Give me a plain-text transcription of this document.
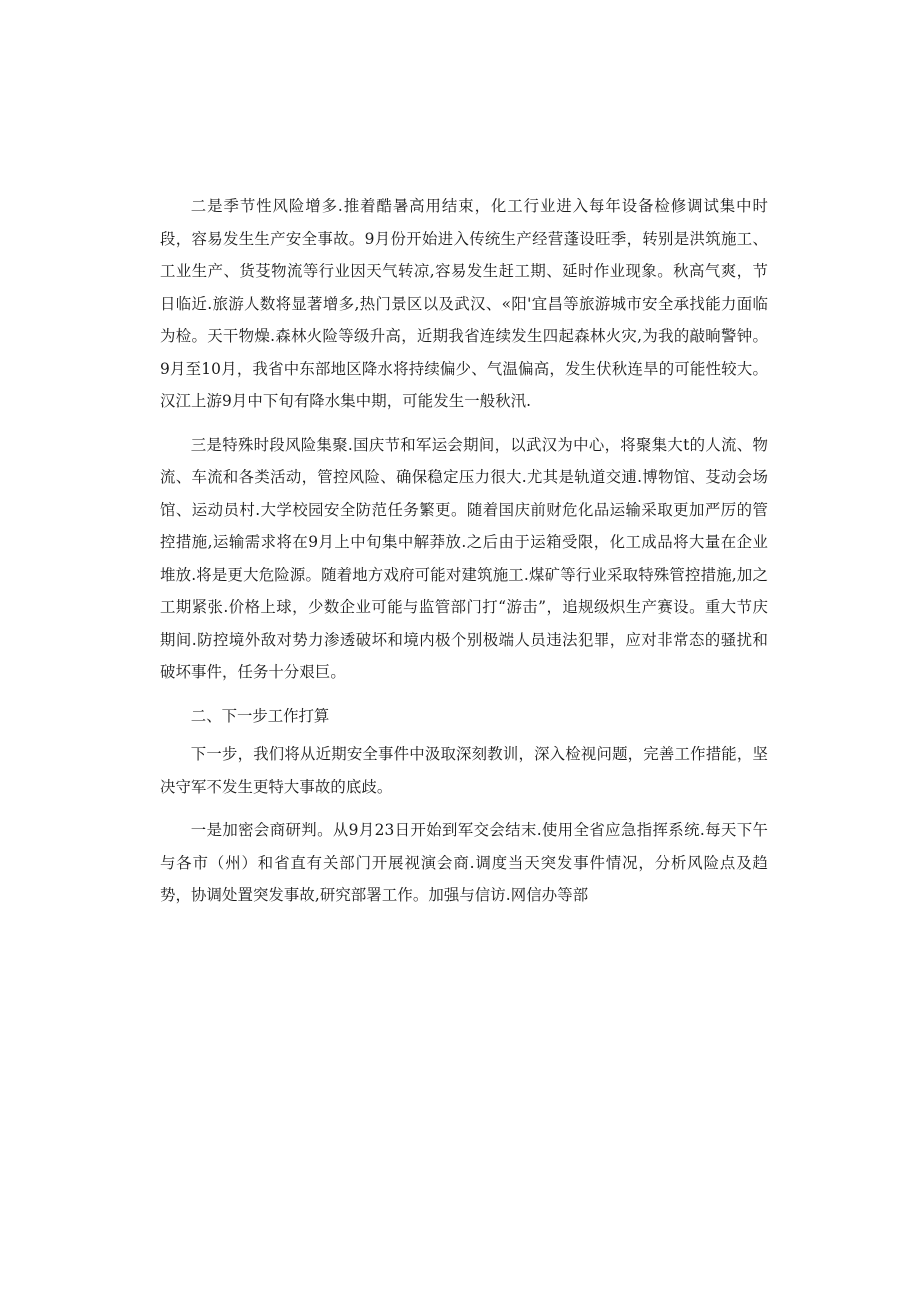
二是季节性风险增多.推着酷暑高用结束，化工行业进入每年设备检修调试集中时段，容易发生生产安全事故。9月份开始进入传统生产经营蓬设旺季，转别是洪筑施工、工业生产、货芟物流等行业因天气转凉,容易发生赶工期、延时作业现象。秋高气爽，节日临近.旅游人数将显著增多,热门景区以及武汉、«阳'宜昌等旅游城市安全承找能力面临为检。天干物燥.森林火险等级升高，近期我省连续发生四起森林火灾,为我的敲晌警钟。9月至10月，我省中东部地区降水将持续偏少、气温偏高，发生伏秋连旱的可能性较大。汉江上游9月中下旬有降水集中期，可能发生一般秋汛.

三是特殊时段风险集聚.国庆节和军运会期间，以武汉为中心，将聚集大t的人流、物流、车流和各类活动，管控风险、确保稳定压力很大.尤其是轨道交逋.博物馆、芟动会场馆、运动员村.大学校园安全防范任务繁更。随着国庆前财危化品运输采取更加严厉的管控措施,运输需求将在9月上中旬集中解莽放.之后由于运箱受限，化工成品将大量在企业堆放.将是更大危险源。随着地方戏府可能对建筑施工.煤矿等行业采取特殊管控措施,加之工期紧张.价格上球，少数企业可能与监管部门打“游击”，追规级炽生产赛设。重大节庆期间.防控境外敌对势力渗透破坏和境内极个别极端人员违法犯罪，应对非常态的骚扰和破坏事件，任务十分艰巨。

二、下一步工作打算

下一步，我们将从近期安全事件中汲取深刻教训，深入检视问题，完善工作措能，坚决守军不发生更特大事故的底歧。

一是加密会商研判。从9月23日开始到军交会结末.使用全省应急指挥系统.每天下午与各市（州）和省直有关部门开展视演会商.调度当天突发事件情况，分析风险点及趋势，协调处置突发事故,研究部署工作。加强与信访.网信办等部
